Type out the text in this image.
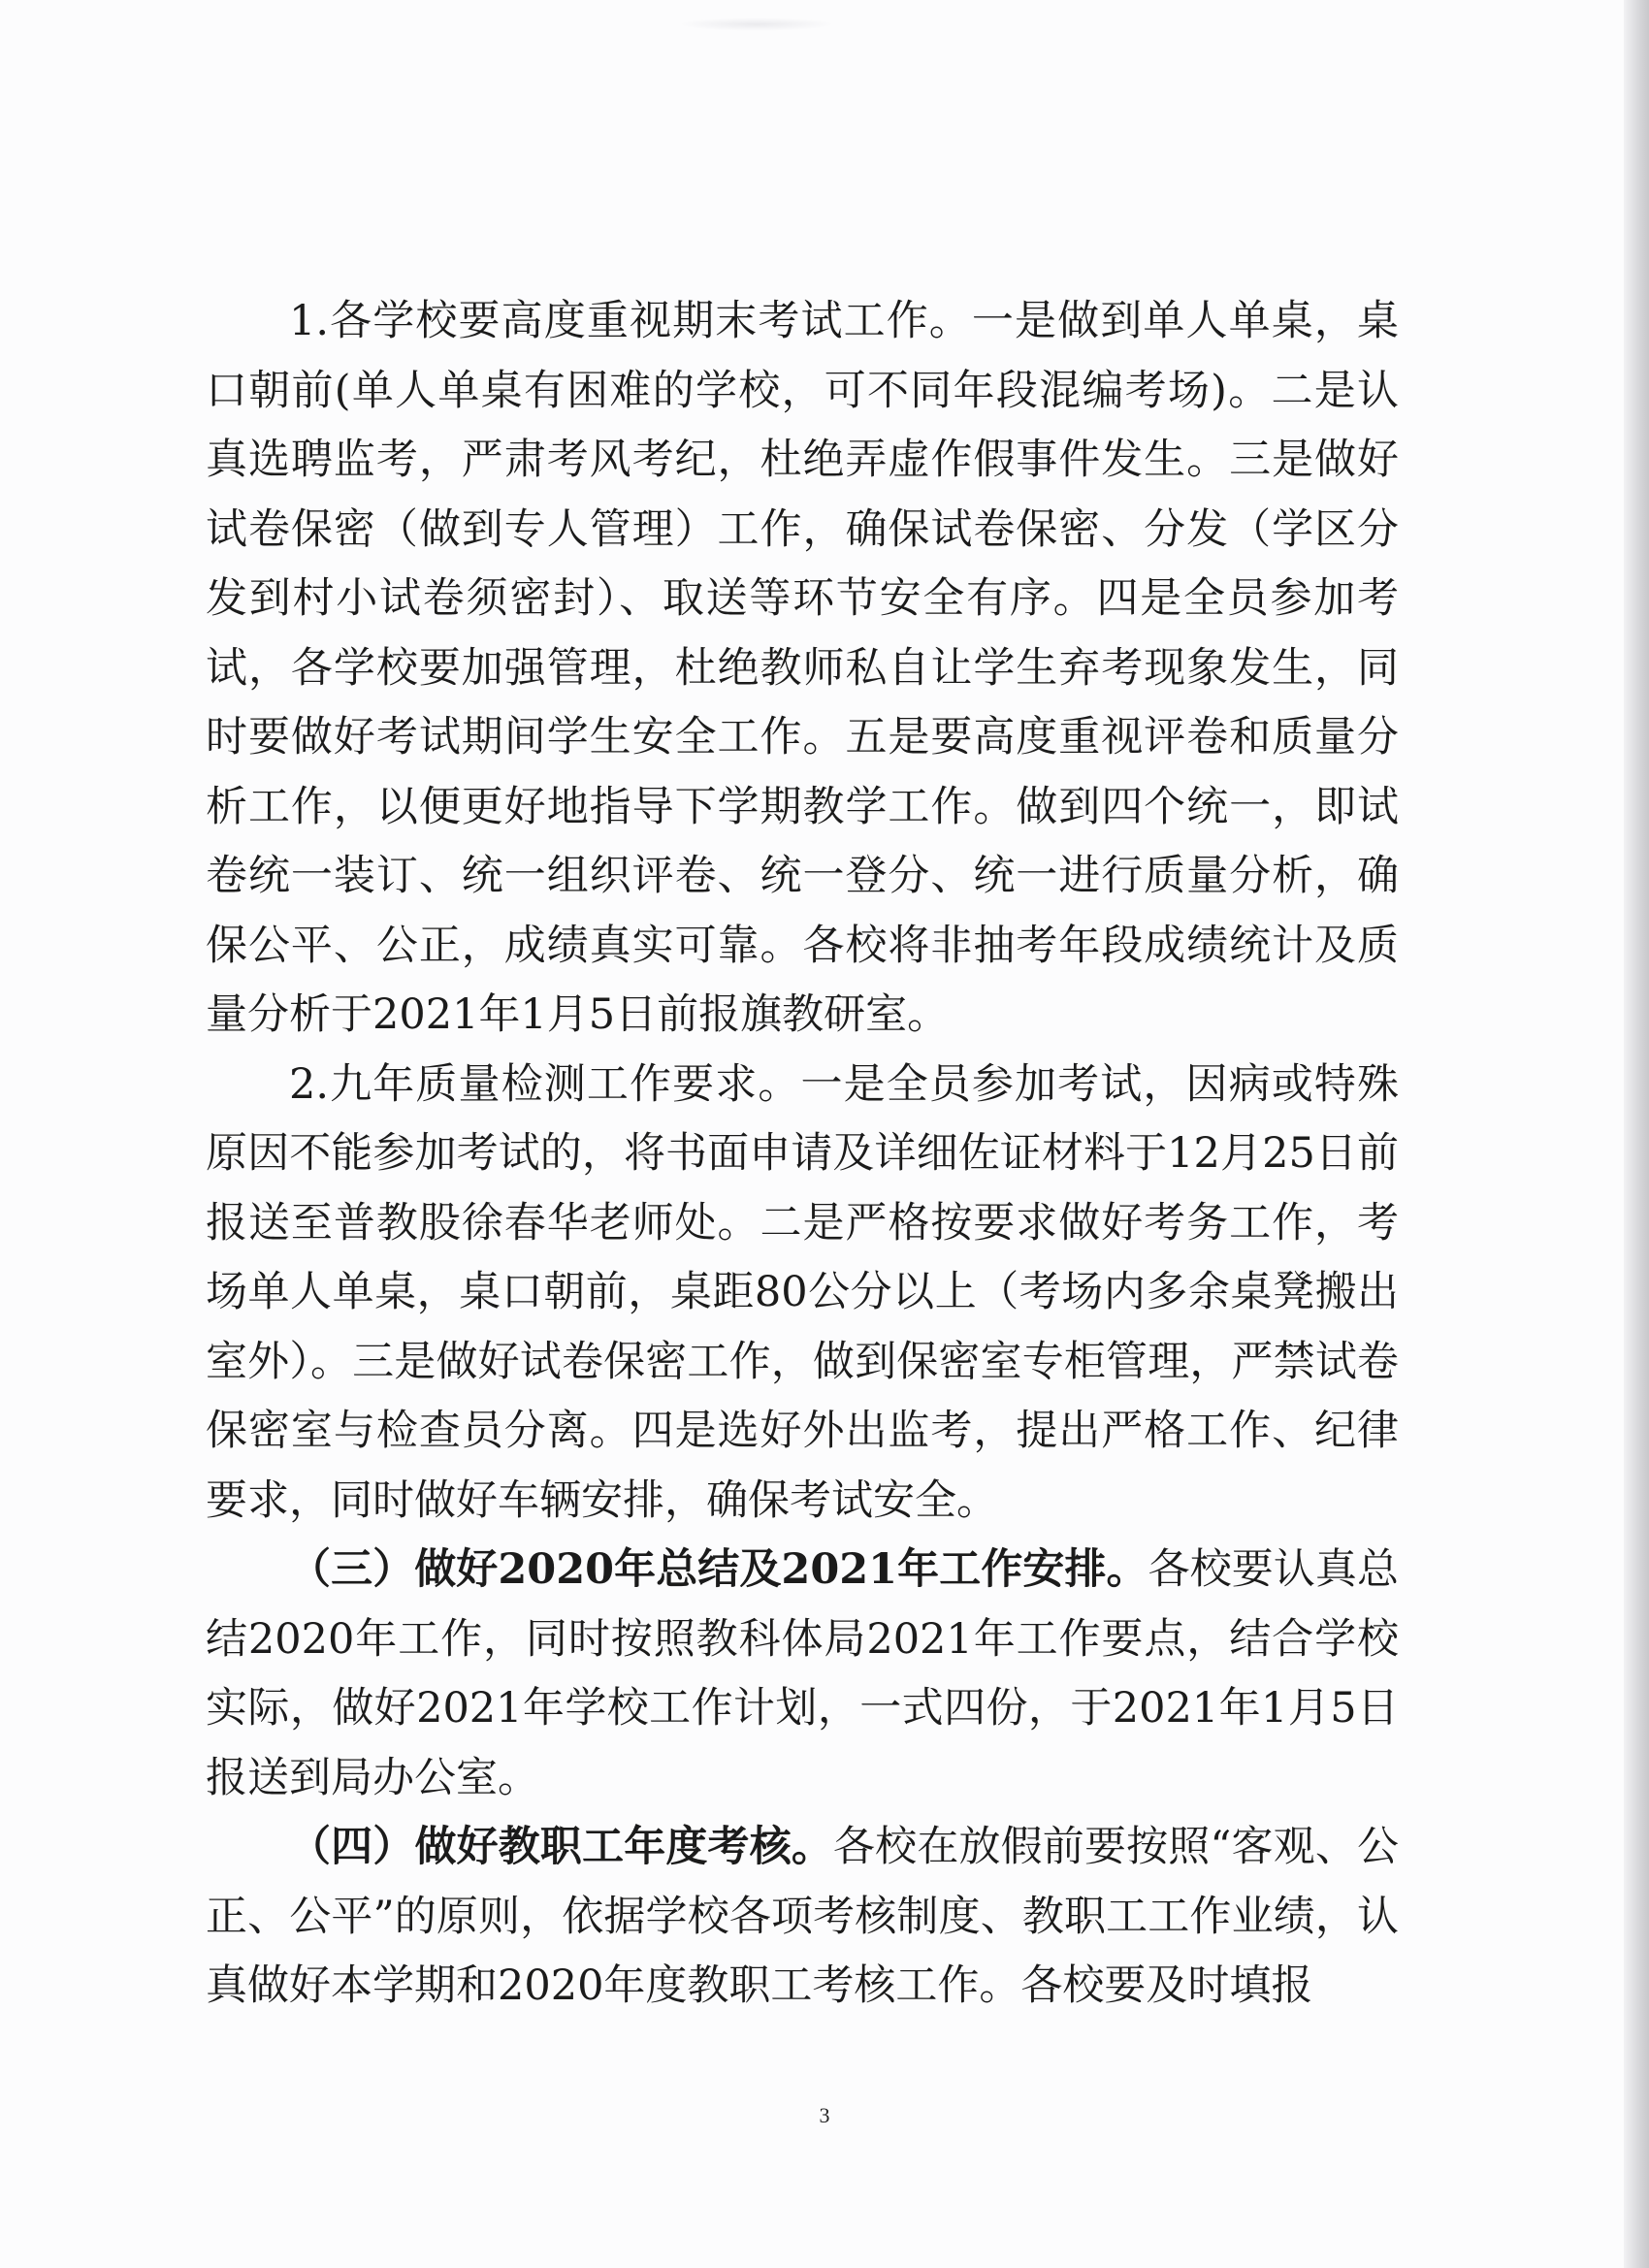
1.各学校要高度重视期末考试工作。一是做到单人单桌，桌口朝前(单人单桌有困难的学校，可不同年段混编考场)。二是认真选聘监考，严肃考风考纪，杜绝弄虚作假事件发生。三是做好试卷保密（做到专人管理）工作，确保试卷保密、分发（学区分发到村小试卷须密封）、取送等环节安全有序。四是全员参加考试，各学校要加强管理，杜绝教师私自让学生弃考现象发生，同时要做好考试期间学生安全工作。五是要高度重视评卷和质量分析工作，以便更好地指导下学期教学工作。做到四个统一，即试卷统一装订、统一组织评卷、统一登分、统一进行质量分析，确保公平、公正，成绩真实可靠。各校将非抽考年段成绩统计及质量分析于2021年1月5日前报旗教研室。

2.九年质量检测工作要求。一是全员参加考试，因病或特殊原因不能参加考试的，将书面申请及详细佐证材料于12月25日前报送至普教股徐春华老师处。二是严格按要求做好考务工作，考场单人单桌，桌口朝前，桌距80公分以上（考场内多余桌凳搬出室外）。三是做好试卷保密工作，做到保密室专柜管理，严禁试卷保密室与检查员分离。四是选好外出监考，提出严格工作、纪律要求，同时做好车辆安排，确保考试安全。

（三）做好2020年总结及2021年工作安排。各校要认真总结2020年工作，同时按照教科体局2021年工作要点，结合学校实际，做好2021年学校工作计划，一式四份，于2021年1月5日报送到局办公室。

（四）做好教职工年度考核。各校在放假前要按照“客观、公正、公平”的原则，依据学校各项考核制度、教职工工作业绩，认真做好本学期和2020年度教职工考核工作。各校要及时填报

3
